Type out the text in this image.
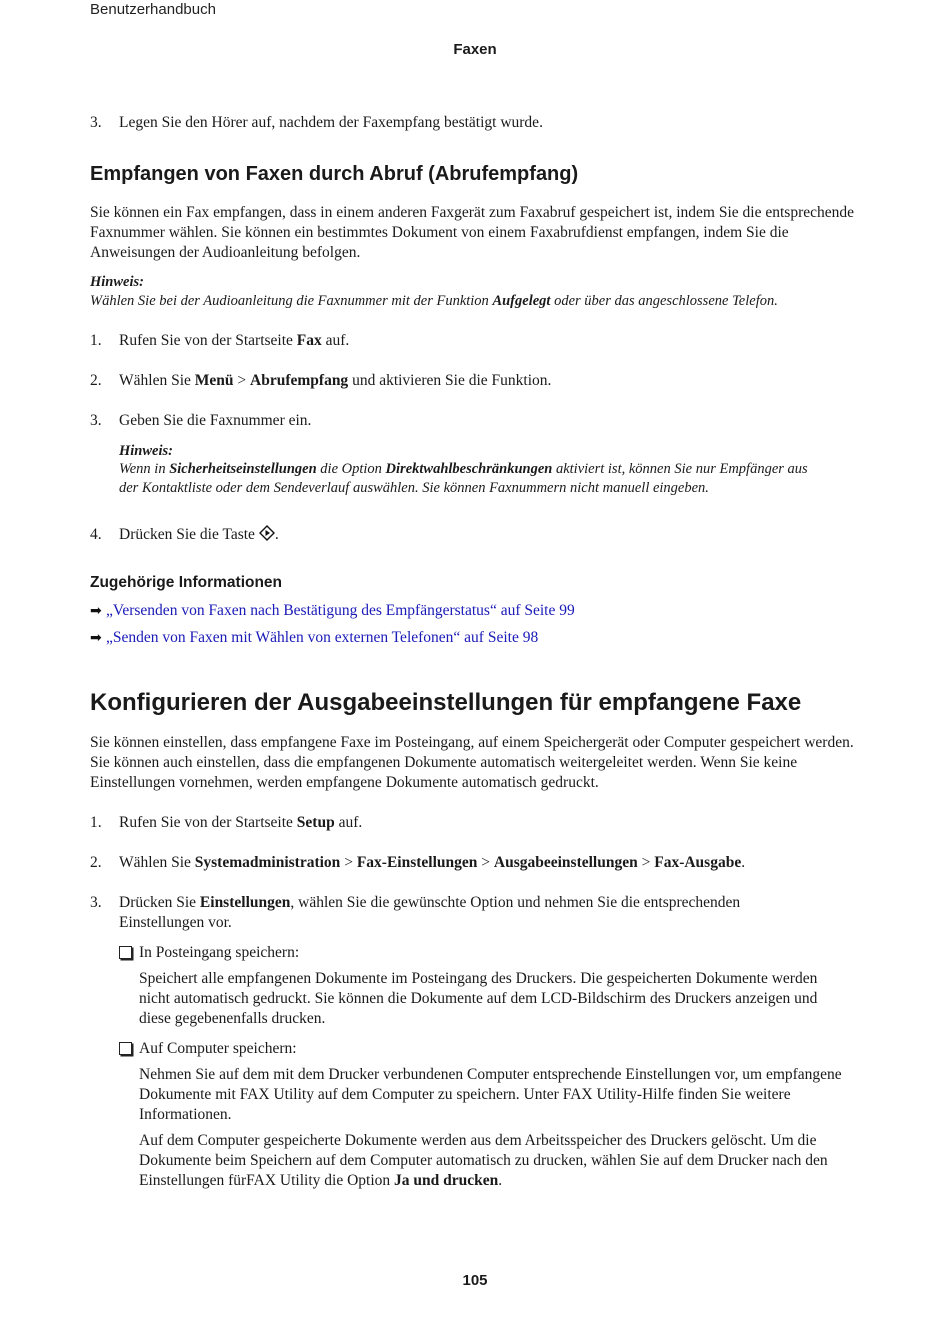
Benutzerhandbuch
Faxen
3. Legen Sie den Hörer auf, nachdem der Faxempfang bestätigt wurde.
Empfangen von Faxen durch Abruf (Abrufempfang)
Sie können ein Fax empfangen, dass in einem anderen Faxgerät zum Faxabruf gespeichert ist, indem Sie die entsprechende Faxnummer wählen. Sie können ein bestimmtes Dokument von einem Faxabrufdienst empfangen, indem Sie die Anweisungen der Audioanleitung befolgen.
Hinweis:
Wählen Sie bei der Audioanleitung die Faxnummer mit der Funktion Aufgelegt oder über das angeschlossene Telefon.
1. Rufen Sie von der Startseite Fax auf.
2. Wählen Sie Menü > Abrufempfang und aktivieren Sie die Funktion.
3. Geben Sie die Faxnummer ein.
Hinweis:
Wenn in Sicherheitseinstellungen die Option Direktwahlbeschränkungen aktiviert ist, können Sie nur Empfänger aus
der Kontaktliste oder dem Sendeverlauf auswählen. Sie können Faxnummern nicht manuell eingeben.
4. Drücken Sie die Taste .
Zugehörige Informationen
➡ „Versenden von Faxen nach Bestätigung des Empfängerstatus“ auf Seite 99
➡ „Senden von Faxen mit Wählen von externen Telefonen“ auf Seite 98
Konfigurieren der Ausgabeeinstellungen für empfangene Faxe
Sie können einstellen, dass empfangene Faxe im Posteingang, auf einem Speichergerät oder Computer gespeichert werden. Sie können auch einstellen, dass die empfangenen Dokumente automatisch weitergeleitet werden. Wenn Sie keine Einstellungen vornehmen, werden empfangene Dokumente automatisch gedruckt.
1. Rufen Sie von der Startseite Setup auf.
2. Wählen Sie Systemadministration > Fax-Einstellungen > Ausgabeeinstellungen > Fax-Ausgabe.
3. Drücken Sie Einstellungen, wählen Sie die gewünschte Option und nehmen Sie die entsprechenden
Einstellungen vor.
In Posteingang speichern:
Speichert alle empfangenen Dokumente im Posteingang des Druckers. Die gespeicherten Dokumente werden nicht automatisch gedruckt. Sie können die Dokumente auf dem LCD-Bildschirm des Druckers anzeigen und diese gegebenenfalls drucken.
Auf Computer speichern:
Nehmen Sie auf dem mit dem Drucker verbundenen Computer entsprechende Einstellungen vor, um empfangene Dokumente mit FAX Utility auf dem Computer zu speichern. Unter FAX Utility-Hilfe finden Sie weitere Informationen.
Auf dem Computer gespeicherte Dokumente werden aus dem Arbeitsspeicher des Druckers gelöscht. Um die Dokumente beim Speichern auf dem Computer automatisch zu drucken, wählen Sie auf dem Drucker nach den Einstellungen fürFAX Utility die Option Ja und drucken.
105
